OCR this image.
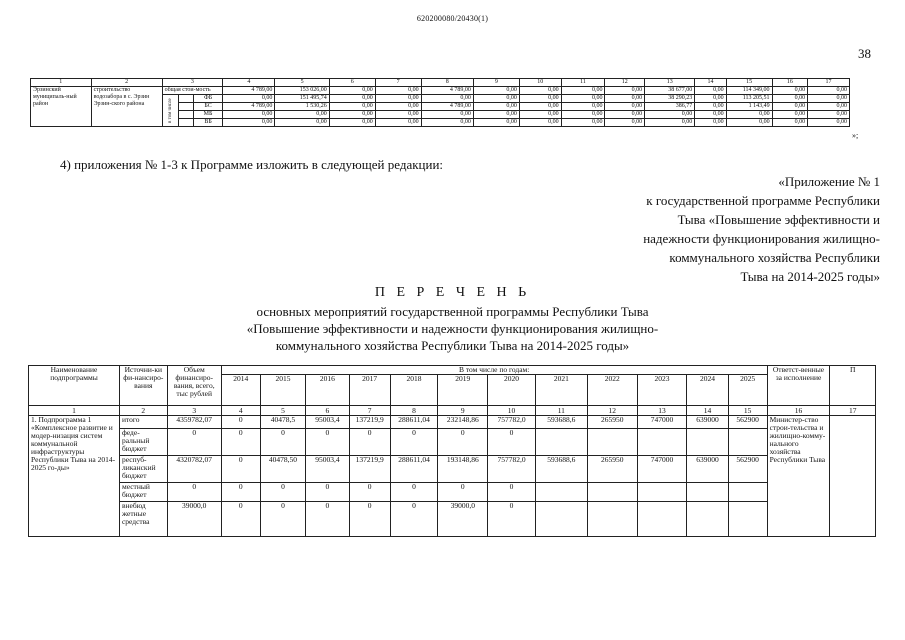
620200080/20430(1)
38
1	2	3			4	5	6	7	8	9	10	11	12	13	14	15	16	17
Эрзинский муниципаль-ный район	строительство водозабора в с. Эрзин Эрзин-ского района	общая стои-мость			4 789,00	153 026,00	0,00	0,00	4 789,00	0,00	0,00	0,00	0,00	38 677,00	0,00	114 349,00	0,00	0,00
		в том числе		ФБ	0,00	151 495,74	0,00	0,00	0,00	0,00	0,00	0,00	0,00	38 290,23	0,00	113 205,51	0,00	0,00
				БС	4 789,00	1 530,26	0,00	0,00	4 789,00	0,00	0,00	0,00	0,00	386,77	0,00	1 143,49	0,00	0,00
				МБ	0,00	0,00	0,00	0,00	0,00	0,00	0,00	0,00	0,00	0,00	0,00	0,00	0,00	0,00
				ВБ	0,00	0,00	0,00	0,00	0,00	0,00	0,00	0,00	0,00	0,00	0,00	0,00	0,00	0,00
»;
4) приложения № 1-3 к Программе изложить в следующей редакции:
«Приложение № 1
к государственной программе Республики
Тыва «Повышение эффективности и
надежности функционирования жилищно-
коммунального хозяйства Республики
Тыва на 2014-2025 годы»
П Е Р Е Ч Е Н Ь
основных мероприятий государственной программы Республики Тыва
«Повышение эффективности и надежности функционирования жилищно-
коммунального хозяйства Республики Тыва на 2014-2025 годы»
Наименование подпрограммы	Источни-ки фи-нансиро-вания	Объем финансиро-вания, всего, тыс рублей	В том числе по годам:												Ответст-венные за исполнение	П
			2014	2015	2016	2017	2018	2019	2020	2021	2022	2023	2024	2025		
1	2	3	4	5	6	7	8	9	10	11	12	13	14	15	16	17
1. Подпрограмма 1 «Комплексное развитие и модер-низация систем коммунальной инфраструктуры Республики Тыва на 2014-2025 го-ды»	итого	4359782,07	0	40478,5	95003,4	137219,9	288611,04	232148,86	757782,0	593688,6	265950	747000	639000	562900	Министер-ство строи-тельства и жилищно-комму-нального хозяйства Республики Тыва	
	феде-ральный бюджет	0	0	0	0	0	0	0	0							
	респуб-ликанский бюджет	4320782,07	0	40478,50	95003,4	137219,9	288611,04	193148,86	757782,0	593688,6	265950	747000	639000	562900		
	местный бюджет	0	0	0	0	0	0	0	0							
	внебюд жетные средства	39000,0	0	0	0	0	0	39000,0	0							
